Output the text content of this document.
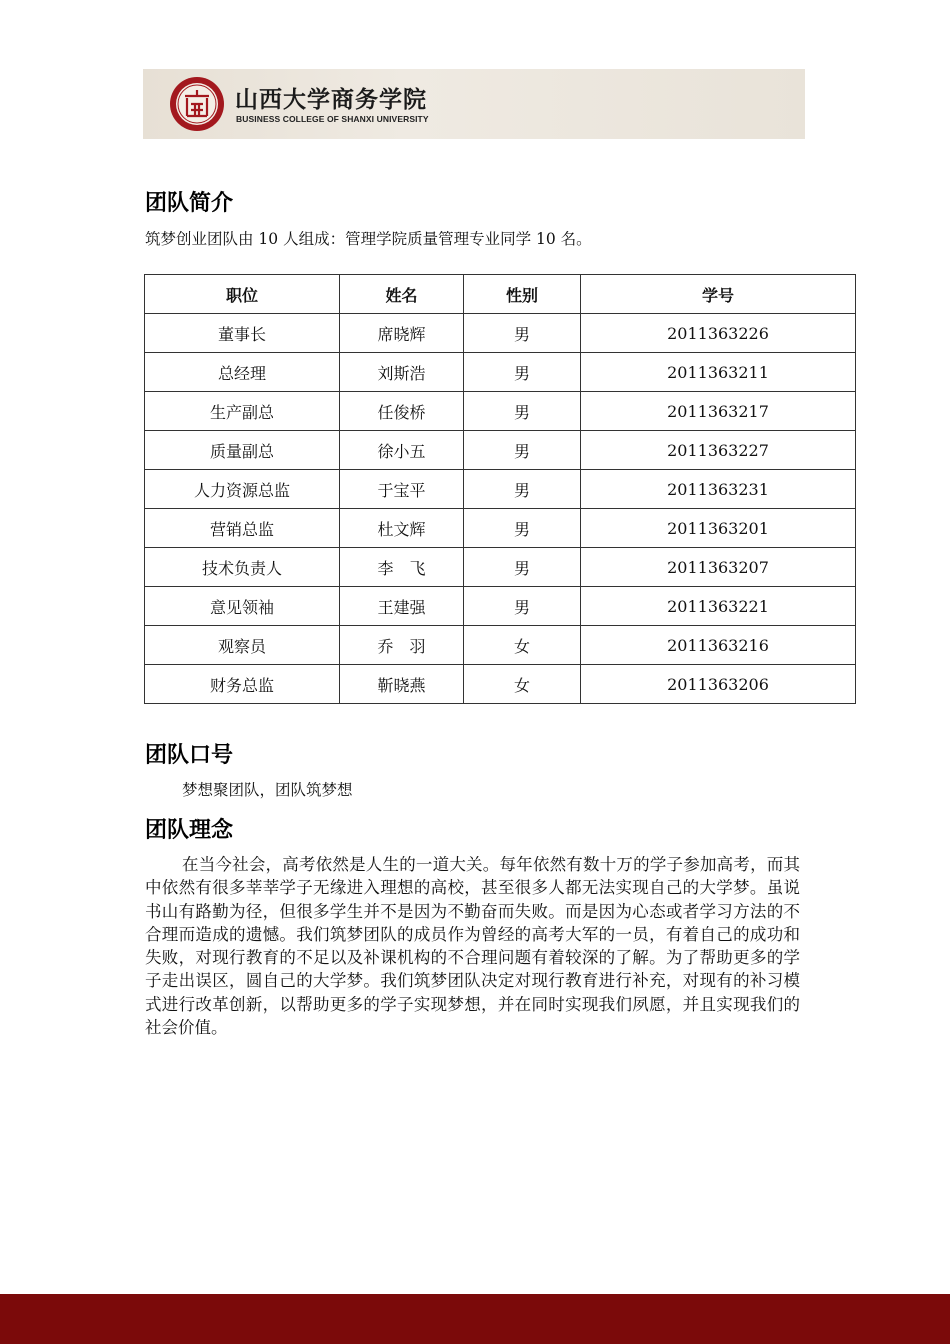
山西大学商务学院
BUSINESS COLLEGE OF SHANXI UNIVERSITY
团队简介
筑梦创业团队由 10 人组成：管理学院质量管理专业同学 10 名。
职位	姓名	性别	学号
董事长	席晓辉	男	2011363226
总经理	刘斯浩	男	2011363211
生产副总	任俊桥	男	2011363217
质量副总	徐小五	男	2011363227
人力资源总监	于宝平	男	2011363231
营销总监	杜文辉	男	2011363201
技术负责人	李　飞	男	2011363207
意见领袖	王建强	男	2011363221
观察员	乔　羽	女	2011363216
财务总监	靳晓燕	女	2011363206
团队口号
梦想聚团队，团队筑梦想
团队理念

在当今社会，高考依然是人生的一道大关。每年依然有数十万的学子参加高考，而其中依然有很多莘莘学子无缘进入理想的高校，甚至很多人都无法实现自己的大学梦。虽说书山有路勤为径，但很多学生并不是因为不勤奋而失败。而是因为心态或者学习方法的不合理而造成的遗憾。我们筑梦团队的成员作为曾经的高考大军的一员，有着自己的成功和失败，对现行教育的不足以及补课机构的不合理问题有着较深的了解。为了帮助更多的学子走出误区，圆自己的大学梦。我们筑梦团队决定对现行教育进行补充，对现有的补习模式进行改革创新，以帮助更多的学子实现梦想，并在同时实现我们夙愿，并且实现我们的社会价值。
